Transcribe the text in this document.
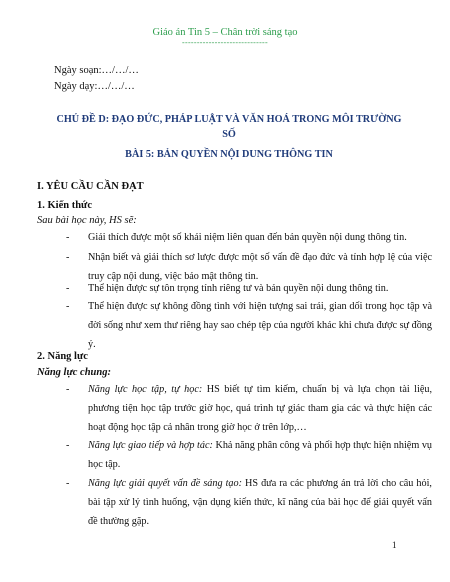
Giáo án Tin 5 – Chân trời sáng tạo
-----------------------------
Ngày soạn:…/…/…
Ngày dạy:…/…/…
CHỦ ĐỀ D: ĐẠO ĐỨC, PHÁP LUẬT VÀ VĂN HOÁ TRONG MÔI TRƯỜNG
SỐ
BÀI 5: BẢN QUYỀN NỘI DUNG THÔNG TIN
I. YÊU CẦU CẦN ĐẠT
1. Kiến thức
Sau bài học này, HS sẽ:
- Giải thích được một số khái niệm liên quan đến bản quyền nội dung thông tin.
- Nhận biết và giải thích sơ lược được một số vấn đề đạo đức và tính hợp lệ của việc truy cập nội dung, việc bảo mật thông tin.
- Thể hiện được sự tôn trọng tính riêng tư và bản quyền nội dung thông tin.
- Thể hiện được sự không đồng tình với hiện tượng sai trái, gian dối trong học tập và đời sống như xem thư riêng hay sao chép tệp của người khác khi chưa được sự đồng ý.
2. Năng lực
Năng lực chung:
- Năng lực học tập, tự học: HS biết tự tìm kiếm, chuẩn bị và lựa chọn tài liệu, phương tiện học tập trước giờ học, quá trình tự giác tham gia các và thực hiện các hoạt động học tập cả nhân trong giờ học ở trên lớp,…
- Năng lực giao tiếp và hợp tác: Khả năng phân công và phối hợp thực hiện nhiệm vụ học tập.
- Năng lực giải quyết vấn đề sáng tạo: HS đưa ra các phương án trả lời cho câu hỏi, bài tập xử lý tình huống, vận dụng kiến thức, kĩ năng của bài học để giải quyết vấn đề thường gặp.
1
